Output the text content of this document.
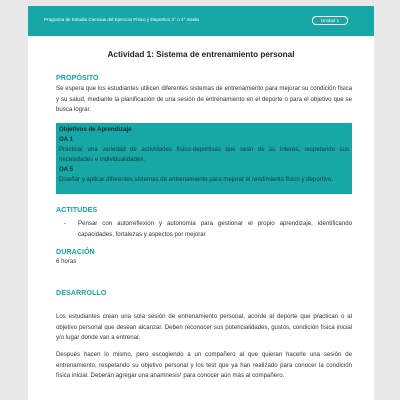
Programa de Estudio Ciencias del Ejercicio Físico y Deportivo 3° o 4° medio	Unidad 1
Actividad 1: Sistema de entrenamiento personal
PROPÓSITO
Se espera que los estudiantes utilicen diferentes sistemas de entrenamiento para mejorar su condición física y su salud, mediante la planificación de una sesión de entrenamiento en el deporte o para el objetivo que se busca lograr.
Objetivos de Aprendizaje
OA 1
Practicar una variedad de actividades físico-deportivas que sean de su interés, respetando sus necesidades e individualidades.
OA 5
Diseñar y aplicar diferentes sistemas de entrenamiento para mejorar el rendimiento físico y deportivo.
ACTITUDES
-	Pensar con autorreflexión y autonomía para gestionar el propio aprendizaje, identificando capacidades, fortalezas y aspectos por mejorar
DURACIÓN
6 horas
DESARROLLO
Los estudiantes crean una sola sesión de entrenamiento personal, acorde al deporte que practican o al objetivo personal que desean alcanzar. Deben reconocer sus potencialidades, gustos, condición física inicial y/o lugar donde van a entrenar.
Después hacen lo mismo, pero escogiendo a un compañero al que quieran hacerle una sesión de entrenamiento, respetando su objetivo personal y los test que ya han realizado para conocer la condición física inicial. Deberán agregar una anamnesis¹ para conocer aún más al compañero.
